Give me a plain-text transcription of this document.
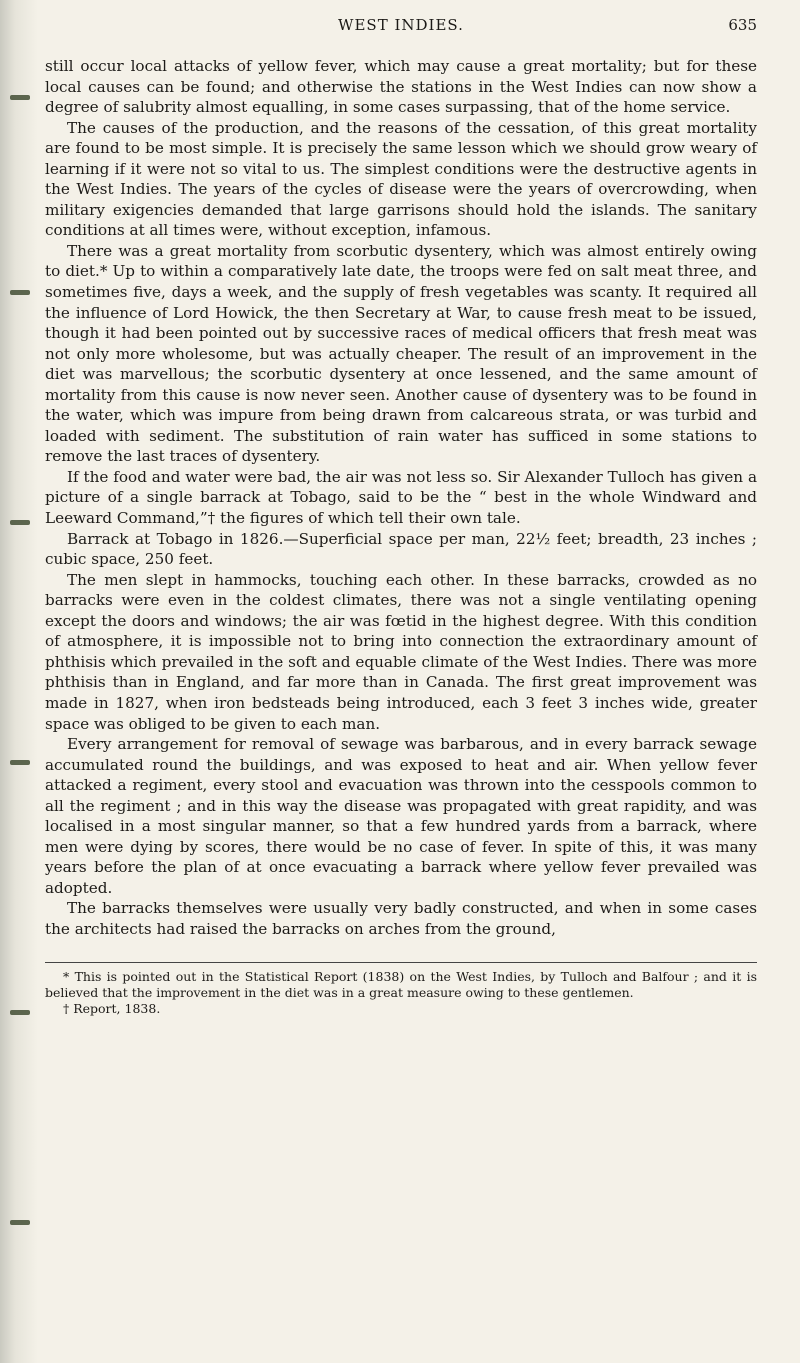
WEST INDIES.	635

still occur local attacks of yellow fever, which may cause a great mortality; but for these local causes can be found; and otherwise the stations in the West Indies can now show a degree of salubrity almost equalling, in some cases surpassing, that of the home service.

The causes of the production, and the reasons of the cessation, of this great mortality are found to be most simple. It is precisely the same lesson which we should grow weary of learning if it were not so vital to us. The simplest conditions were the destructive agents in the West Indies. The years of the cycles of disease were the years of overcrowding, when military exigencies demanded that large garrisons should hold the islands. The sanitary conditions at all times were, without exception, infamous.

There was a great mortality from scorbutic dysentery, which was almost entirely owing to diet.* Up to within a comparatively late date, the troops were fed on salt meat three, and sometimes five, days a week, and the supply of fresh vegetables was scanty. It required all the influence of Lord Howick, the then Secretary at War, to cause fresh meat to be issued, though it had been pointed out by successive races of medical officers that fresh meat was not only more wholesome, but was actually cheaper. The result of an improvement in the diet was marvellous; the scorbutic dysentery at once lessened, and the same amount of mortality from this cause is now never seen. Another cause of dysentery was to be found in the water, which was impure from being drawn from calcareous strata, or was turbid and loaded with sediment. The substitution of rain water has sufficed in some stations to remove the last traces of dysentery.

If the food and water were bad, the air was not less so. Sir Alexander Tulloch has given a picture of a single barrack at Tobago, said to be the “ best in the whole Windward and Leeward Command,”† the figures of which tell their own tale.

Barrack at Tobago in 1826.—Superficial space per man, 22½ feet; breadth, 23 inches ; cubic space, 250 feet.

The men slept in hammocks, touching each other. In these barracks, crowded as no barracks were even in the coldest climates, there was not a single ventilating opening except the doors and windows; the air was fœtid in the highest degree. With this condition of atmosphere, it is impossible not to bring into connection the extraordinary amount of phthisis which prevailed in the soft and equable climate of the West Indies. There was more phthisis than in England, and far more than in Canada. The first great improvement was made in 1827, when iron bedsteads being introduced, each 3 feet 3 inches wide, greater space was obliged to be given to each man.

Every arrangement for removal of sewage was barbarous, and in every barrack sewage accumulated round the buildings, and was exposed to heat and air. When yellow fever attacked a regiment, every stool and evacuation was thrown into the cesspools common to all the regiment ; and in this way the disease was propagated with great rapidity, and was localised in a most singular manner, so that a few hundred yards from a barrack, where men were dying by scores, there would be no case of fever. In spite of this, it was many years before the plan of at once evacuating a barrack where yellow fever prevailed was adopted.

The barracks themselves were usually very badly constructed, and when in some cases the architects had raised the barracks on arches from the ground,

* This is pointed out in the Statistical Report (1838) on the West Indies, by Tulloch and Balfour ; and it is believed that the improvement in the diet was in a great measure owing to these gentlemen.

† Report, 1838.
